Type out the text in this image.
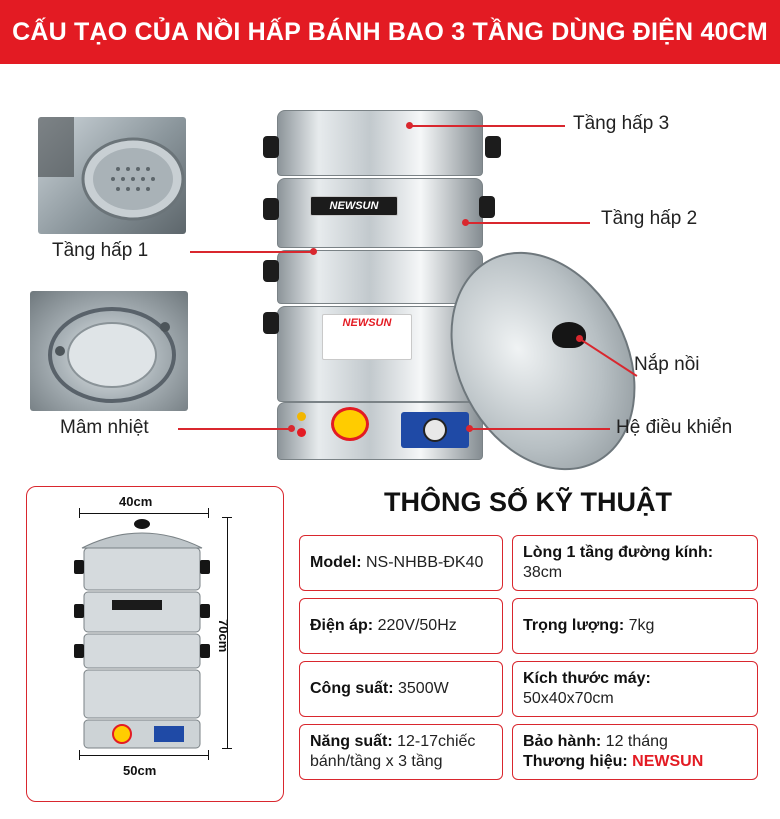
CẤU TẠO CỦA NỒI HẤP BÁNH BAO 3 TẦNG DÙNG ĐIỆN 40CM
NEWSUN
NEWSUN
Tầng hấp 3
Tầng hấp 2
Tầng hấp 1
Nắp nồi
Mâm nhiệt	Hệ điều khiển
40cm
70cm
50cm
THÔNG SỐ KỸ THUẬT
Model: NS-NHBB-ĐK40
Lòng 1 tầng đường kính:
38cm
Điện áp: 220V/50Hz	Trọng lượng: 7kg
Công suất: 3500W
Kích thước máy:
50x40x70cm
Năng suất: 12-17chiếc bánh/tầng x 3 tầng
Bảo hành: 12 tháng
Thương hiệu: NEWSUN
